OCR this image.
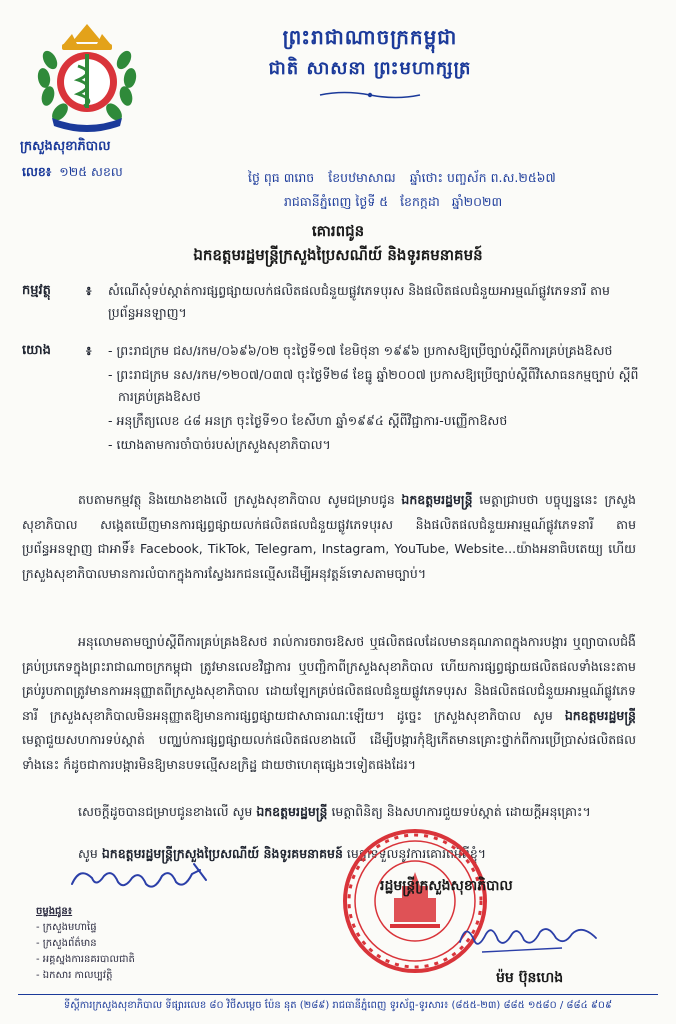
ក្រសួងសុខាភិបាល
លេខ៖ ១២៥ សខល
ព្រះរាជាណាចក្រកម្ពុជា
ជាតិ សាសនា ព្រះមហាក្សត្រ
ថ្ងៃ ពុធ ៣រោច ខែបឋមាសាឍ ឆ្នាំថោះ បញ្ចស័ក ព.ស.២៥៦៧
រាជធានីភ្នំពេញ ថ្ងៃទី ៥ ខែកក្កដា ឆ្នាំ២០២៣
គោរពជូន
ឯកឧត្តមរដ្ឋមន្ត្រីក្រសួងប្រៃសណីយ៍ និងទូរគមនាគមន៍
កម្មវត្ថុ	៖ សំណើសុំទប់ស្កាត់ការផ្សព្វផ្សាយលក់ផលិតផលជំនួយផ្លូវភេទបុរស និងផលិតផលជំនួយអារម្មណ៍ផ្លូវភេទនារី តាមប្រព័ន្ធអនឡាញ។
យោង	៖
-	ព្រះរាជក្រម ជស/រកម/០៦៩៦/០២ ចុះថ្ងៃទី១៧ ខែមិថុនា ១៩៩៦ ប្រកាសឱ្យប្រើច្បាប់ស្តីពីការគ្រប់គ្រងឱសថ
- ព្រះរាជក្រម នស/រកម/១២០៧/០៣៧ ចុះថ្ងៃទី២៨ ខែធ្នូ ឆ្នាំ២០០៧ ប្រកាសឱ្យប្រើច្បាប់ស្តីពីវិសោធនកម្មច្បាប់ ស្តីពីការគ្រប់គ្រងឱសថ
- អនុក្រឹត្យលេខ ៤៨ អនក្រ ចុះថ្ងៃទី១០ ខែសីហា ឆ្នាំ១៩៩៤ ស្តីពីវិជ្ជាការ-បញ្ញើកាឱសថ
- យោងតាមការចាំបាច់របស់ក្រសួងសុខាភិបាល។
តបតាមកម្មវត្ថុ និងយោងខាងលើ ក្រសួងសុខាភិបាល សូមជម្រាបជូន ឯកឧត្តមរដ្ឋមន្ត្រី មេត្តាជ្រាបថា បច្ចុប្បន្ននេះ ក្រសួងសុខាភិបាល សង្កេតឃើញមានការផ្សព្វផ្សាយលក់ផលិតផលជំនួយផ្លូវភេទបុរស និងផលិតផលជំនួយអារម្មណ៍ផ្លូវភេទនារី តាមប្រព័ន្ធអនឡាញ ជាអាទិ៍៖ Facebook, TikTok, Telegram, Instagram, YouTube, Website...យ៉ាងអនាធិបតេយ្យ ហើយក្រសួងសុខាភិបាលមានការលំបាកក្នុងការស្វែងរកជនល្មើសដើម្បីអនុវត្តន៍ទោសតាមច្បាប់។
អនុលោមតាមច្បាប់ស្តីពីការគ្រប់គ្រងឱសថ រាល់ការចរាចរឱសថ ឬផលិតផលដែលមានគុណភាពក្នុងការបង្ការ ឬព្យាបាលជំងឺគ្រប់ប្រភេទក្នុងព្រះរាជាណាចក្រកម្ពុជា ត្រូវមានលេខវិជ្ជាការ ឬបញ្ជិកាពីក្រសួងសុខាភិបាល ហើយការផ្សព្វផ្សាយផលិតផលទាំងនេះតាមគ្រប់រូបភាពត្រូវមានការអនុញ្ញាតពីក្រសួងសុខាភិបាល ដោយឡែកគ្រប់ផលិតផលជំនួយផ្លូវភេទបុរស និងផលិតផលជំនួយអារម្មណ៍ផ្លូវភេទនារី ក្រសួងសុខាភិបាលមិនអនុញ្ញាតឱ្យមានការផ្សព្វផ្សាយជាសាធារណៈឡើយ។ ដូច្នេះ ក្រសួងសុខាភិបាល សូម ឯកឧត្តមរដ្ឋមន្ត្រី មេត្តាជួយសហការទប់ស្កាត់ បញ្ឈប់ការផ្សព្វផ្សាយលក់ផលិតផលខាងលើ ដើម្បីបង្ការកុំឱ្យកើតមានគ្រោះថ្នាក់ពីការប្រើប្រាស់ផលិតផលទាំងនេះ ក៏ដូចជាការបង្ការមិនឱ្យមានបទល្មើសឧក្រិដ្ឋ ជាយថាហេតុផ្សេងៗទៀតផងដែរ។
សេចក្តីដូចបានជម្រាបជូនខាងលើ សូម ឯកឧត្តមរដ្ឋមន្ត្រី មេត្តាពិនិត្យ និងសហការជួយទប់ស្កាត់ ដោយក្តីអនុគ្រោះ។
សូម ឯកឧត្តមរដ្ឋមន្ត្រីក្រសួងប្រៃសណីយ៍ និងទូរគមនាគមន៍ មេត្តាទទួលនូវការគោរពអំពីខ្ញុំ។
រដ្ឋមន្ត្រីក្រសួងសុខាភិបាល
ម៉ម ប៊ុនហេង
ចម្លងជូន៖
- ក្រសួងមហាផ្ទៃ
- ក្រសួងព័ត៌មាន
- អគ្គស្នងការនគរបាលជាតិ
- ឯកសារ កាលប្បវត្តិ
ទីស្តីការក្រសួងសុខាភិបាល ទីផ្សារលេខ ៨០ វិថីសម្តេច ប៉ែន នុត (២៨៩) រាជធានីភ្នំពេញ ទូរស័ព្ទ-ទូរសារ៖ (៨៥៥-២៣) ៨៨៥ ១៥៨០ / ៨៨៤ ៩០៩
